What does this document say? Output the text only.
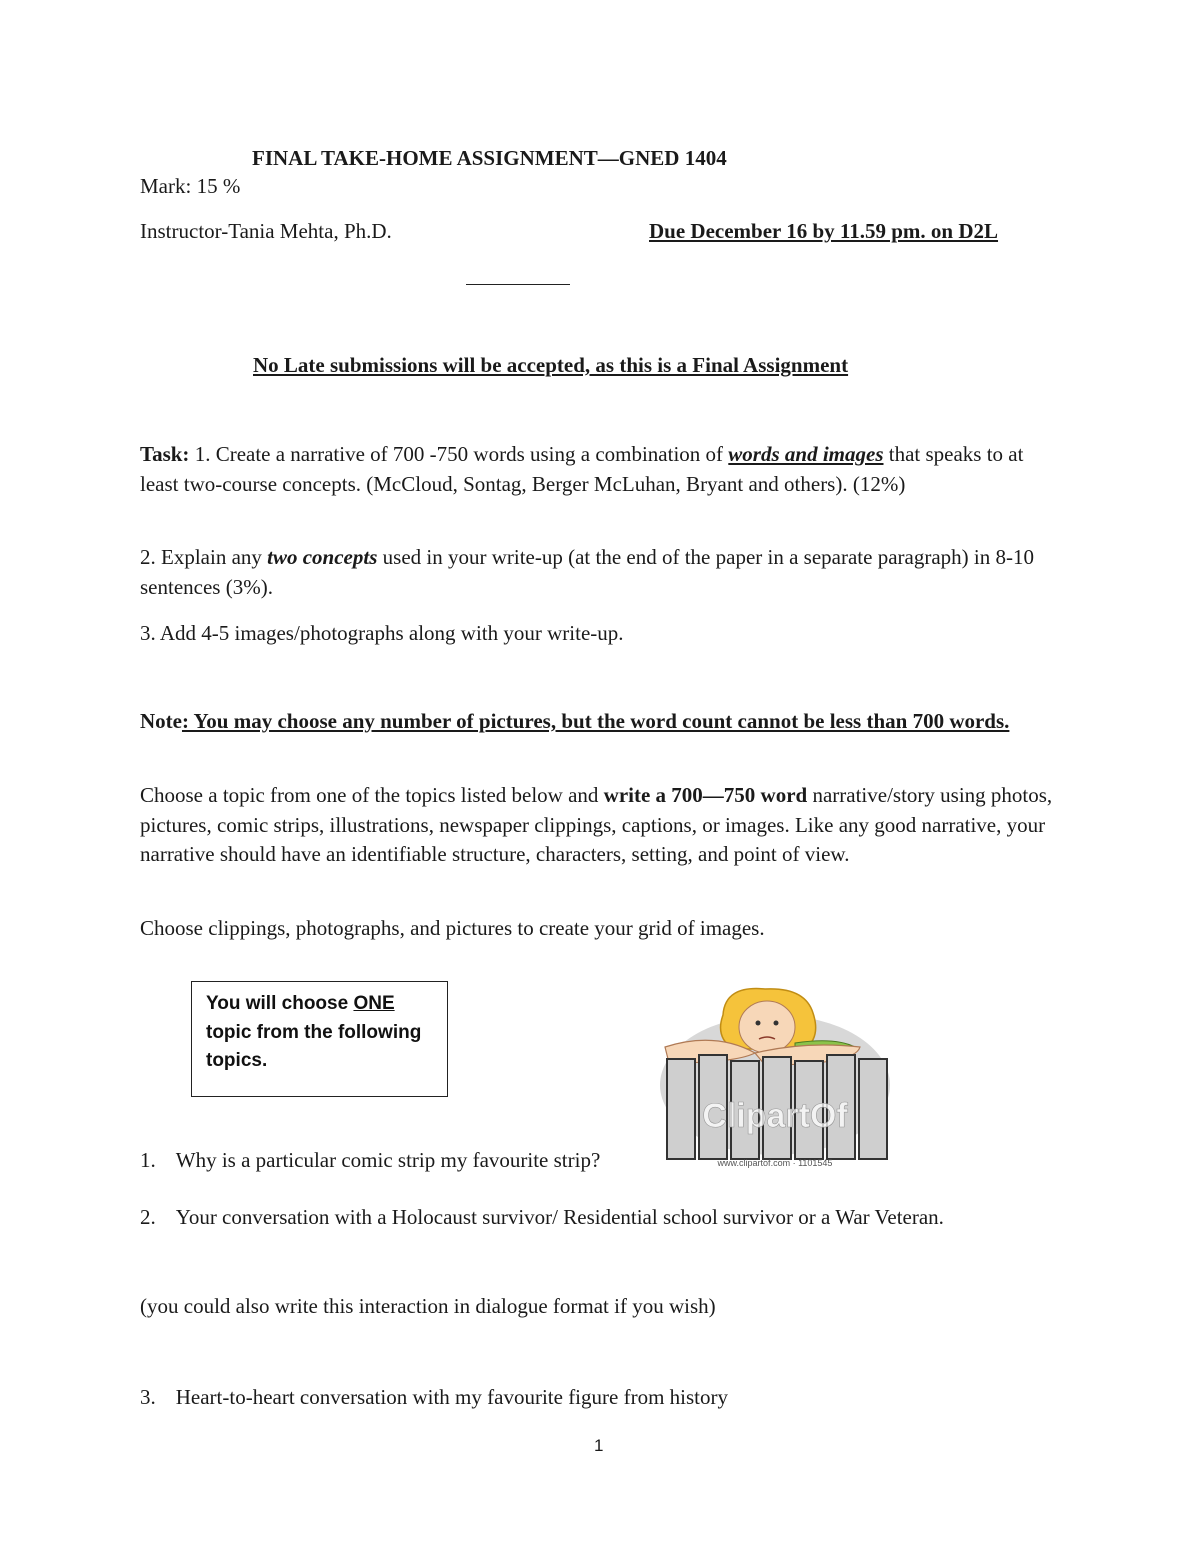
FINAL TAKE-HOME ASSIGNMENT—GNED 1404
Mark: 15 %
Instructor-Tania Mehta, Ph.D.	Due December 16 by 11.59 pm. on D2L
No Late submissions will be accepted, as this is a Final Assignment
Task: 1. Create a narrative of 700 -750 words using a combination of words and images that speaks to at least two-course concepts. (McCloud, Sontag, Berger McLuhan, Bryant and others). (12%)
2. Explain any two concepts used in your write-up (at the end of the paper in a separate paragraph) in 8-10 sentences (3%).
3. Add 4-5 images/photographs along with your write-up.
Note: You may choose any number of pictures, but the word count cannot be less than 700 words.
Choose a topic from one of the topics listed below and write a 700—750 word narrative/story using photos, pictures, comic strips, illustrations, newspaper clippings, captions, or images. Like any good narrative, your narrative should have an identifiable structure, characters, setting, and point of view.
Choose clippings, photographs, and pictures to create your grid of images.
You will choose ONE topic from the following topics.
ClipartOf
www.clipartof.com · 1101545
1. Why is a particular comic strip my favourite strip?
2. Your conversation with a Holocaust survivor/ Residential school survivor or a War Veteran.
(you could also write this interaction in dialogue format if you wish)
3. Heart-to-heart conversation with my favourite figure from history
1
